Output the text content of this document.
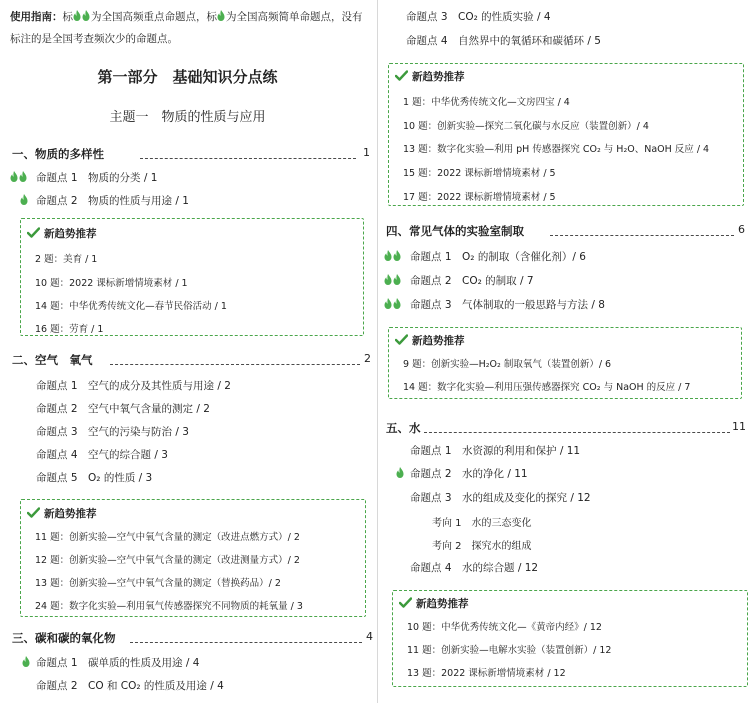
使用指南：标 为全国高频重点命题点，标 为全国高频简单命题点，没有标注的是全国考查频次少的命题点。
第一部分　基础知识分点练
主题一　物质的性质与应用
一、物质的多样性	1
命题点 1　物质的分类 / 1
命题点 2　物质的性质与用途 / 1
新趋势推荐
2 题：美育 / 1
10 题：2022 课标新增情境素材 / 1
14 题：中华优秀传统文化—春节民俗活动 / 1
16 题：劳育 / 1
二、空气　氧气	2
命题点 1　空气的成分及其性质与用途 / 2
命题点 2　空气中氧气含量的测定 / 2
命题点 3　空气的污染与防治 / 3
命题点 4　空气的综合题 / 3
命题点 5　O₂ 的性质 / 3
新趋势推荐
11 题：创新实验—空气中氧气含量的测定（改进点燃方式）/ 2
12 题：创新实验—空气中氧气含量的测定（改进测量方式）/ 2
13 题：创新实验—空气中氧气含量的测定（替换药品）/ 2
24 题：数字化实验—利用氧气传感器探究不同物质的耗氧量 / 3
三、碳和碳的氧化物	4
命题点 1　碳单质的性质及用途 / 4
命题点 2　CO 和 CO₂ 的性质及用途 / 4
命题点 3　CO₂ 的性质实验 / 4
命题点 4　自然界中的氧循环和碳循环 / 5
新趋势推荐
1 题：中华优秀传统文化—文房四宝 / 4
10 题：创新实验—探究二氧化碳与水反应（装置创新）/ 4
13 题：数字化实验—利用 pH 传感器探究 CO₂ 与 H₂O、NaOH 反应 / 4
15 题：2022 课标新增情境素材 / 5
17 题：2022 课标新增情境素材 / 5
四、常见气体的实验室制取	6
命题点 1　O₂ 的制取（含催化剂）/ 6
命题点 2　CO₂ 的制取 / 7
命题点 3　气体制取的一般思路与方法 / 8
新趋势推荐
9 题：创新实验—H₂O₂ 制取氧气（装置创新）/ 6
14 题：数字化实验—利用压强传感器探究 CO₂ 与 NaOH 的反应 / 7
五、水	11
命题点 1　水资源的利用和保护 / 11
命题点 2　水的净化 / 11
命题点 3　水的组成及变化的探究 / 12
考向 1　水的三态变化
考向 2　探究水的组成
命题点 4　水的综合题 / 12
新趋势推荐
10 题：中华优秀传统文化—《黄帝内经》/ 12
11 题：创新实验—电解水实验（装置创新）/ 12
13 题：2022 课标新增情境素材 / 12
